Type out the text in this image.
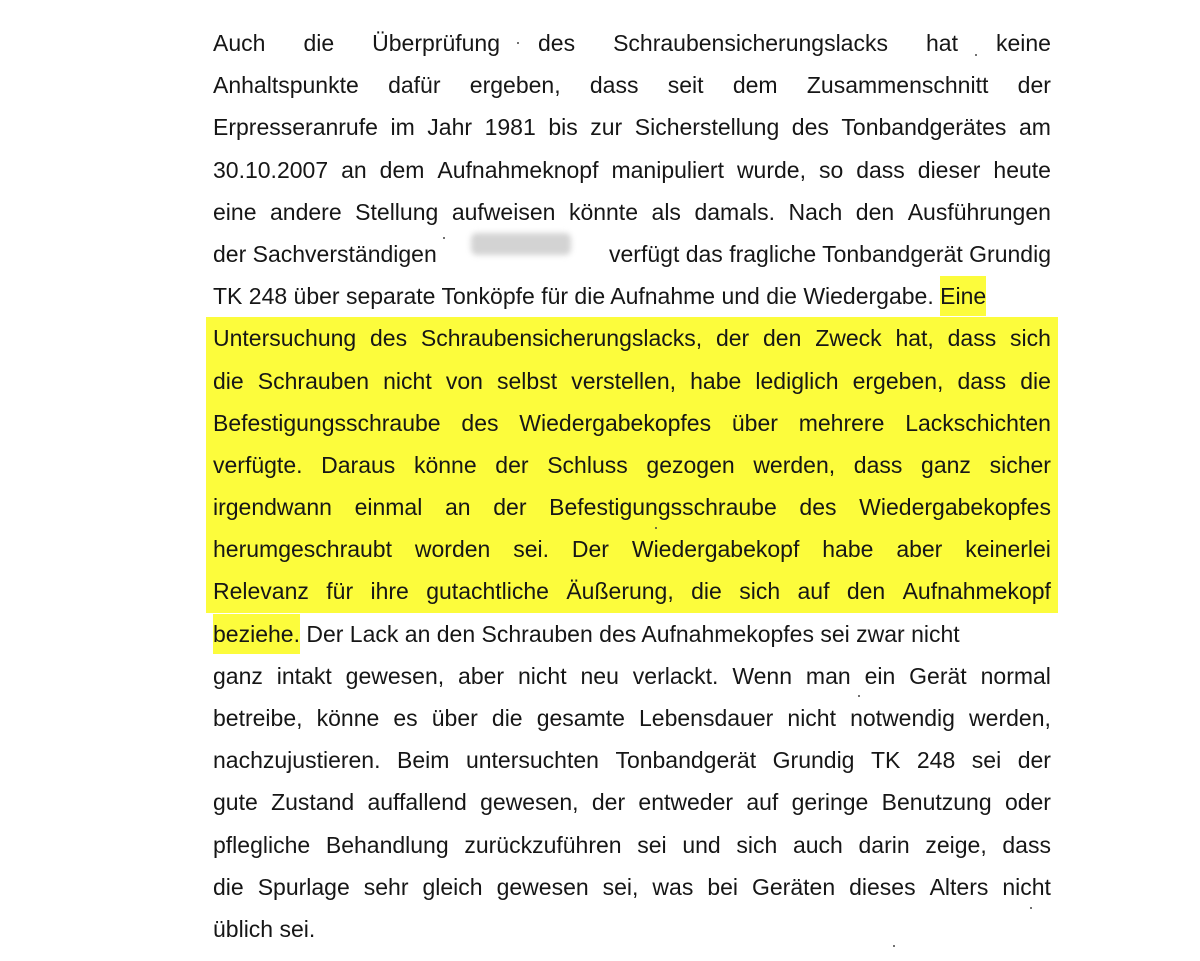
Auch die Überprüfung des Schraubensicherungslacks hat keine
Anhaltspunkte dafür ergeben, dass seit dem Zusammenschnitt der
Erpresseranrufe im Jahr 1981 bis zur Sicherstellung des Tonbandgerätes am
30.10.2007 an dem Aufnahmeknopf manipuliert wurde, so dass dieser heute
eine andere Stellung aufweisen könnte als damals. Nach den Ausführungen
der Sachverständigen	verfügt das fragliche Tonbandgerät Grundig
TK 248 über separate Tonköpfe für die Aufnahme und die Wiedergabe. Eine
Untersuchung des Schraubensicherungslacks, der den Zweck hat, dass sich
die Schrauben nicht von selbst verstellen, habe lediglich ergeben, dass die
Befestigungsschraube des Wiedergabekopfes über mehrere Lackschichten
verfügte. Daraus könne der Schluss gezogen werden, dass ganz sicher
irgendwann einmal an der Befestigungsschraube des Wiedergabekopfes
herumgeschraubt worden sei. Der Wiedergabekopf habe aber keinerlei
Relevanz für ihre gutachtliche Äußerung, die sich auf den Aufnahmekopf
beziehe. Der Lack an den Schrauben des Aufnahmekopfes sei zwar nicht
ganz intakt gewesen, aber nicht neu verlackt. Wenn man ein Gerät normal
betreibe, könne es über die gesamte Lebensdauer nicht notwendig werden,
nachzujustieren. Beim untersuchten Tonbandgerät Grundig TK 248 sei der
gute Zustand auffallend gewesen, der entweder auf geringe Benutzung oder
pflegliche Behandlung zurückzuführen sei und sich auch darin zeige, dass
die Spurlage sehr gleich gewesen sei, was bei Geräten dieses Alters nicht
üblich sei.
